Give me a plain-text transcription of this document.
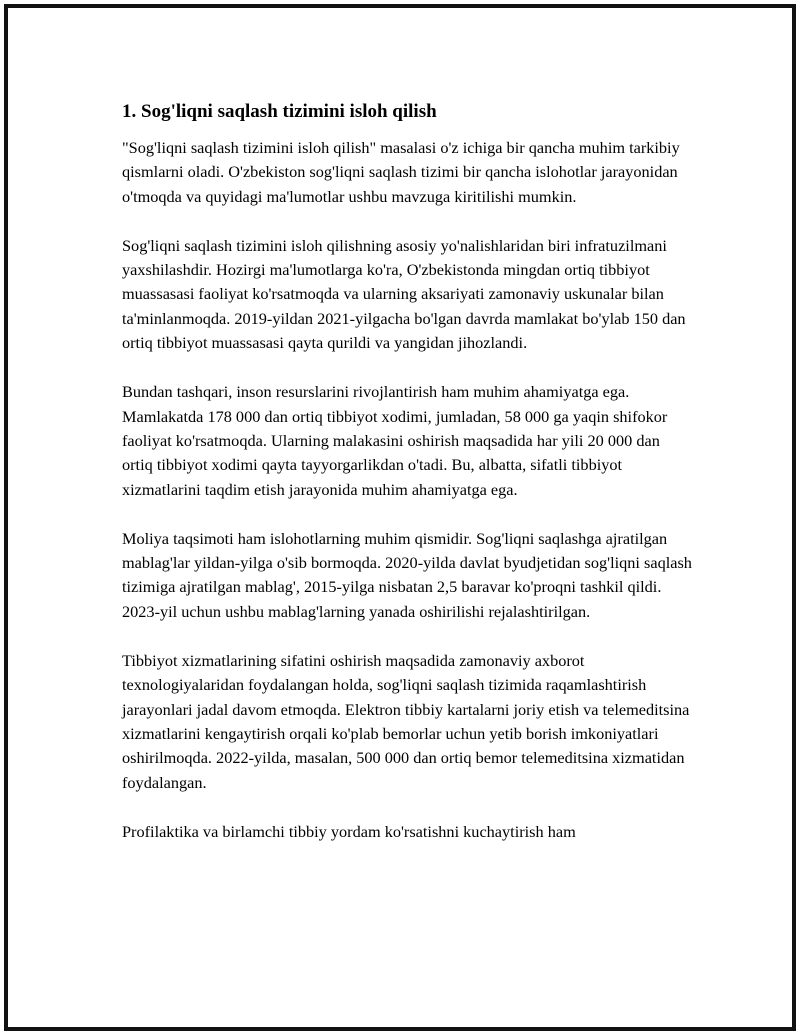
1. Sog'liqni saqlash tizimini isloh qilish

"Sog'liqni saqlash tizimini isloh qilish" masalasi o'z ichiga bir qancha muhim tarkibiy qismlarni oladi. O'zbekiston sog'liqni saqlash tizimi bir qancha islohotlar jarayonidan o'tmoqda va quyidagi ma'lumotlar ushbu mavzuga kiritilishi mumkin.

Sog'liqni saqlash tizimini isloh qilishning asosiy yo'nalishlaridan biri infratuzilmani yaxshilashdir. Hozirgi ma'lumotlarga ko'ra, O'zbekistonda mingdan ortiq tibbiyot muassasasi faoliyat ko'rsatmoqda va ularning aksariyati zamonaviy uskunalar bilan ta'minlanmoqda. 2019-yildan 2021-yilgacha bo'lgan davrda mamlakat bo'ylab 150 dan ortiq tibbiyot muassasasi qayta qurildi va yangidan jihozlandi.

Bundan tashqari, inson resurslarini rivojlantirish ham muhim ahamiyatga ega. Mamlakatda 178 000 dan ortiq tibbiyot xodimi, jumladan, 58 000 ga yaqin shifokor faoliyat ko'rsatmoqda. Ularning malakasini oshirish maqsadida har yili 20 000 dan ortiq tibbiyot xodimi qayta tayyorgarlikdan o'tadi. Bu, albatta, sifatli tibbiyot xizmatlarini taqdim etish jarayonida muhim ahamiyatga ega.

Moliya taqsimoti ham islohotlarning muhim qismidir. Sog'liqni saqlashga ajratilgan mablag'lar yildan-yilga o'sib bormoqda. 2020-yilda davlat byudjetidan sog'liqni saqlash tizimiga ajratilgan mablag', 2015-yilga nisbatan 2,5 baravar ko'proqni tashkil qildi. 2023-yil uchun ushbu mablag'larning yanada oshirilishi rejalashtirilgan.

Tibbiyot xizmatlarining sifatini oshirish maqsadida zamonaviy axborot texnologiyalaridan foydalangan holda, sog'liqni saqlash tizimida raqamlashtirish jarayonlari jadal davom etmoqda. Elektron tibbiy kartalarni joriy etish va telemeditsina xizmatlarini kengaytirish orqali ko'plab bemorlar uchun yetib borish imkoniyatlari oshirilmoqda. 2022-yilda, masalan, 500 000 dan ortiq bemor telemeditsina xizmatidan foydalangan.

Profilaktika va birlamchi tibbiy yordam ko'rsatishni kuchaytirish ham
